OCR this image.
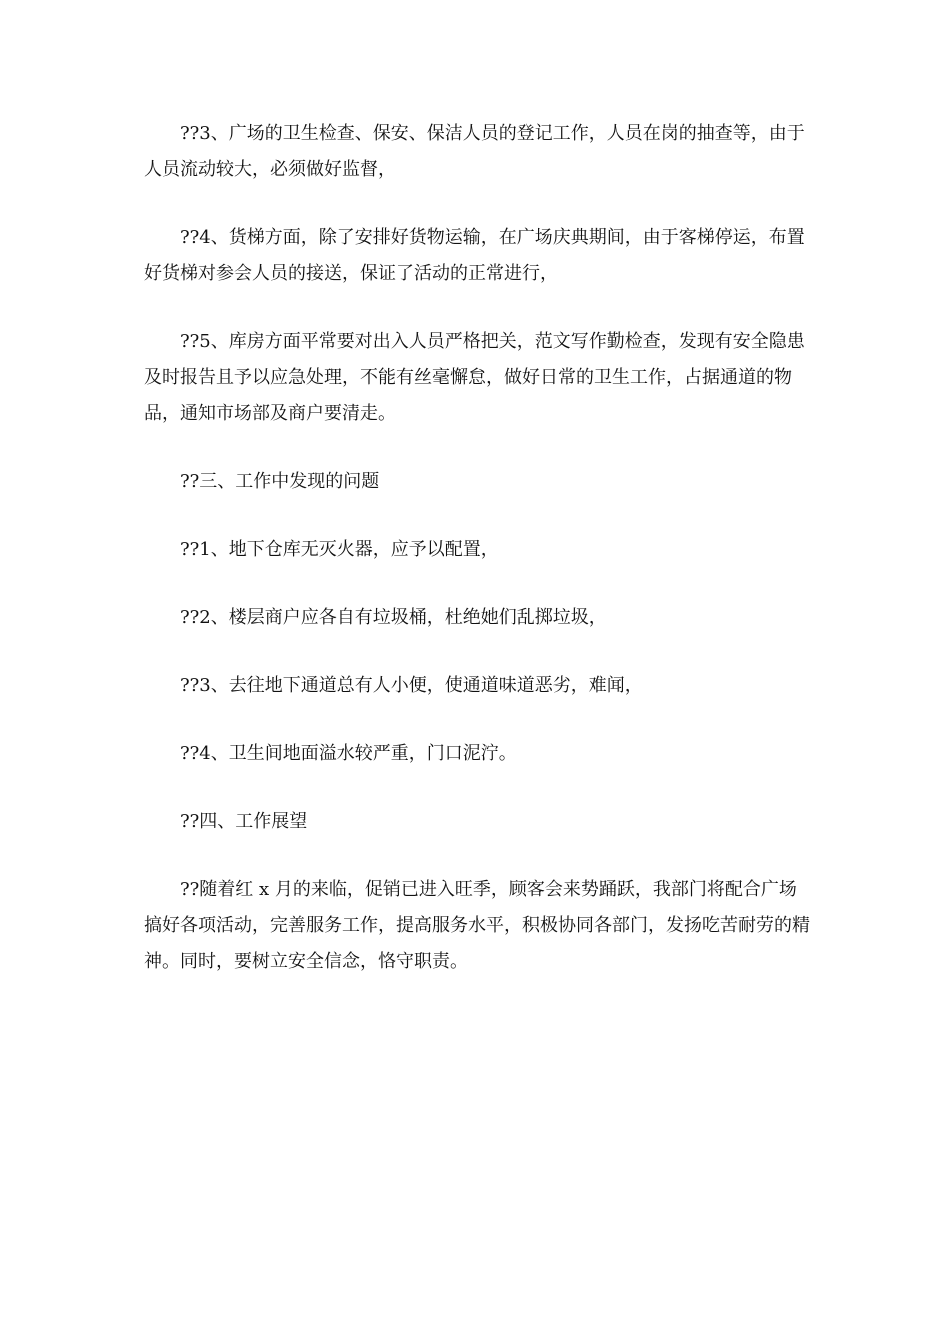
??3、广场的卫生检查、保安、保洁人员的登记工作，人员在岗的抽查等，由于人员流动较大，必须做好监督，

??4、货梯方面，除了安排好货物运输，在广场庆典期间，由于客梯停运，布置好货梯对参会人员的接送，保证了活动的正常进行，

??5、库房方面平常要对出入人员严格把关，范文写作勤检查，发现有安全隐患及时报告且予以应急处理，不能有丝毫懈怠，做好日常的卫生工作，占据通道的物品，通知市场部及商户要清走。

??三、工作中发现的问题

??1、地下仓库无灭火器，应予以配置，

??2、楼层商户应各自有垃圾桶，杜绝她们乱掷垃圾，

??3、去往地下通道总有人小便，使通道味道恶劣，难闻，

??4、卫生间地面溢水较严重，门口泥泞。

??四、工作展望

??随着红 x 月的来临，促销已进入旺季，顾客会来势踊跃，我部门将配合广场搞好各项活动，完善服务工作，提高服务水平，积极协同各部门，发扬吃苦耐劳的精神。同时，要树立安全信念，恪守职责。
